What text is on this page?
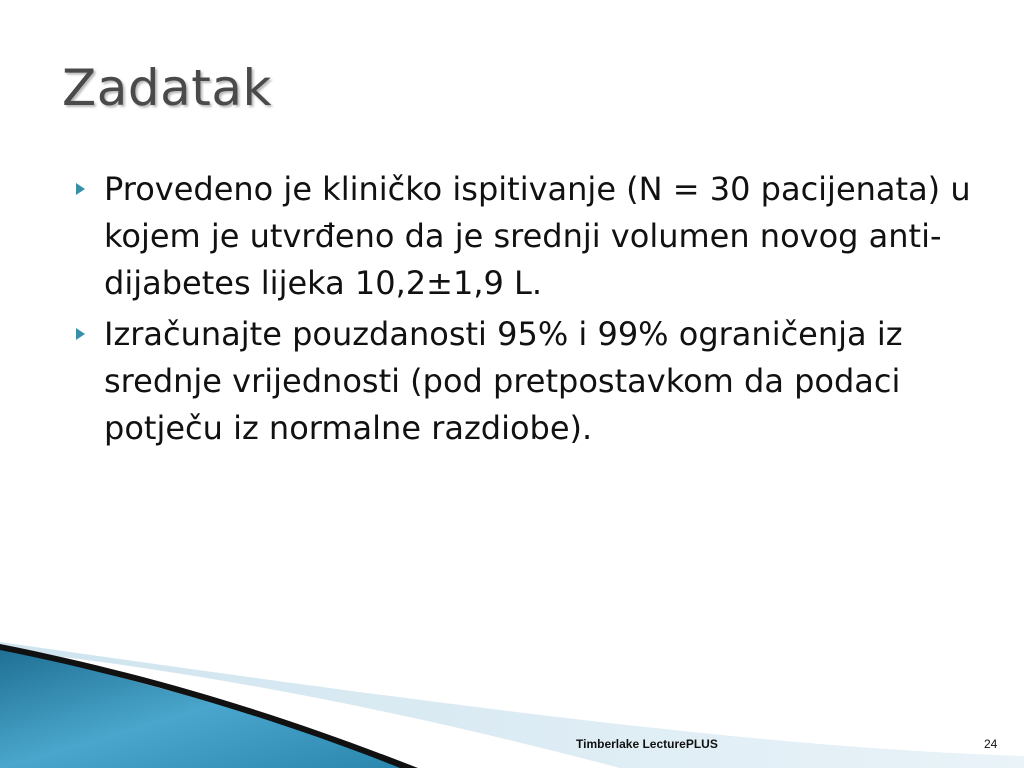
Zadatak
Provedeno je kliničko ispitivanje (N = 30 pacijenata) u kojem je utvrđeno da je srednji volumen novog anti-dijabetes lijeka 10,2±1,9 L.
Izračunajte pouzdanosti 95% i 99% ograničenja iz srednje vrijednosti (pod pretpostavkom da podaci potječu iz normalne razdiobe).
Timberlake LecturePLUS	24
